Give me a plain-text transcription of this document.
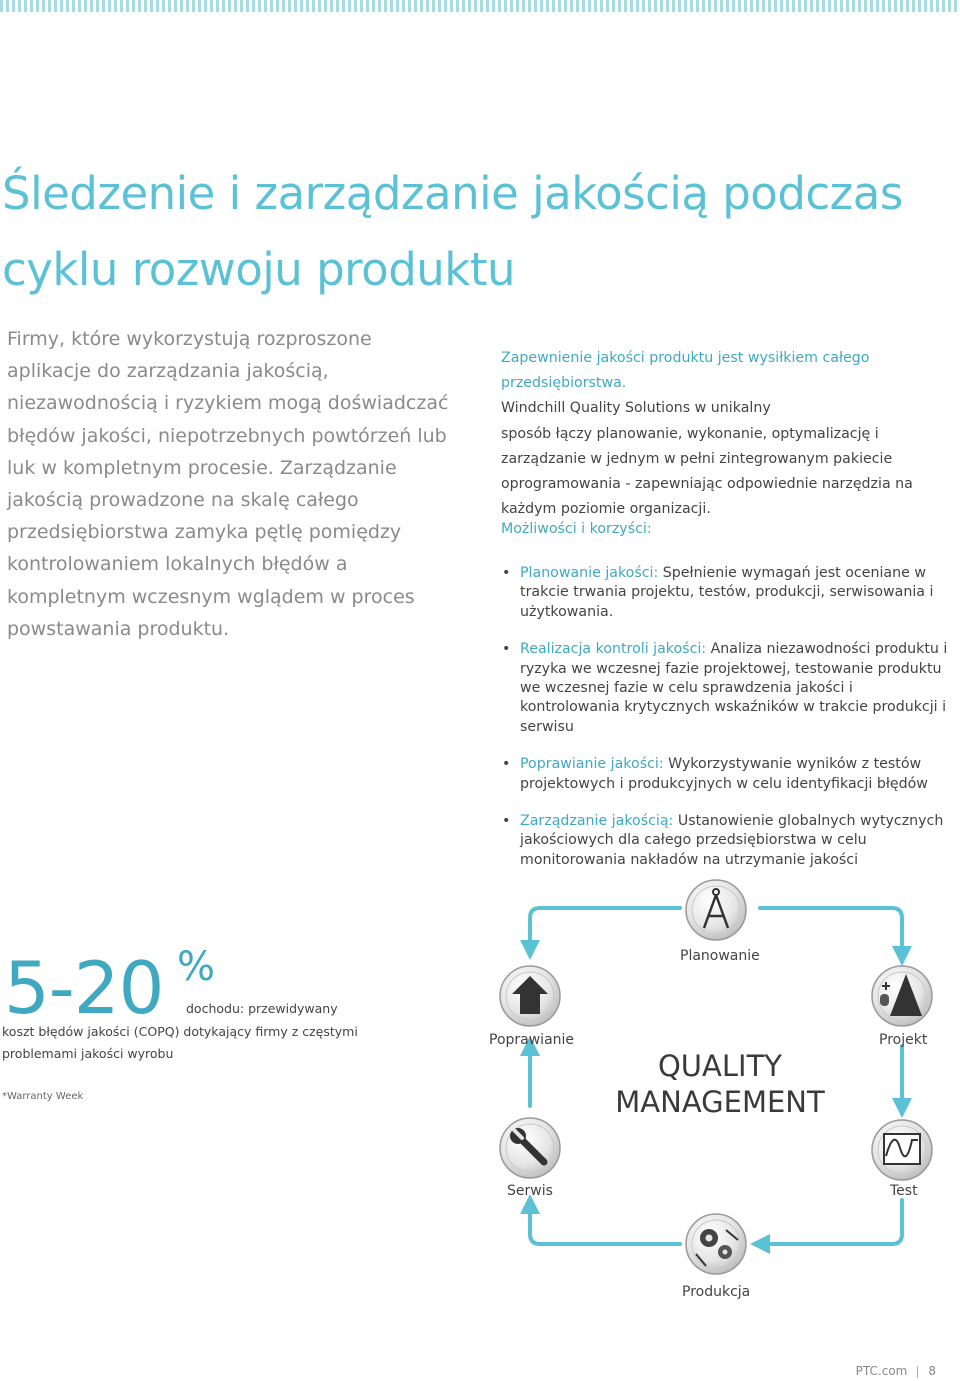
Śledzenie i zarządzanie jakością podczas
cyklu rozwoju produktu
Firmy, które wykorzystują rozproszone
aplikacje do zarządzania jakością,
niezawodnością i ryzykiem mogą doświadczać
błędów jakości, niepotrzebnych powtórzeń lub
luk w kompletnym procesie. Zarządzanie
jakością prowadzone na skalę całego
przedsiębiorstwa zamyka pętlę pomiędzy
kontrolowaniem lokalnych błędów a
kompletnym wczesnym wglądem w proces
powstawania produktu.
Zapewnienie jakości produktu jest wysiłkiem całego
przedsiębiorstwa.
Windchill Quality Solutions w unikalny
sposób łączy planowanie, wykonanie, optymalizację i
zarządzanie w jednym w pełni zintegrowanym pakiecie
oprogramowania - zapewniając odpowiednie narzędzia na
każdym poziomie organizacji.
Możliwości i korzyści:
• Planowanie jakości: Spełnienie wymagań jest oceniane w
trakcie trwania projektu, testów, produkcji, serwisowania i
użytkowania.
• Realizacja kontroli jakości: Analiza niezawodności produktu i
ryzyka we wczesnej fazie projektowej, testowanie produktu
we wczesnej fazie w celu sprawdzenia jakości i
kontrolowania krytycznych wskaźników w trakcie produkcji i
serwisu
• Poprawianie jakości: Wykorzystywanie wyników z testów
projektowych i produkcyjnych w celu identyfikacji błędów
• Zarządzanie jakością: Ustanowienie globalnych wytycznych
jakościowych dla całego przedsiębiorstwa w celu
monitorowania nakładów na utrzymanie jakości
5-20 %
dochodu: przewidywany
koszt błędów jakości (COPQ) dotykający firmy z częstymi
problemami jakości wyrobu
*Warranty Week
Planowanie
Projekt
Test
Produkcja
Serwis
Poprawianie
QUALITY
MANAGEMENT
PTC.com 8
